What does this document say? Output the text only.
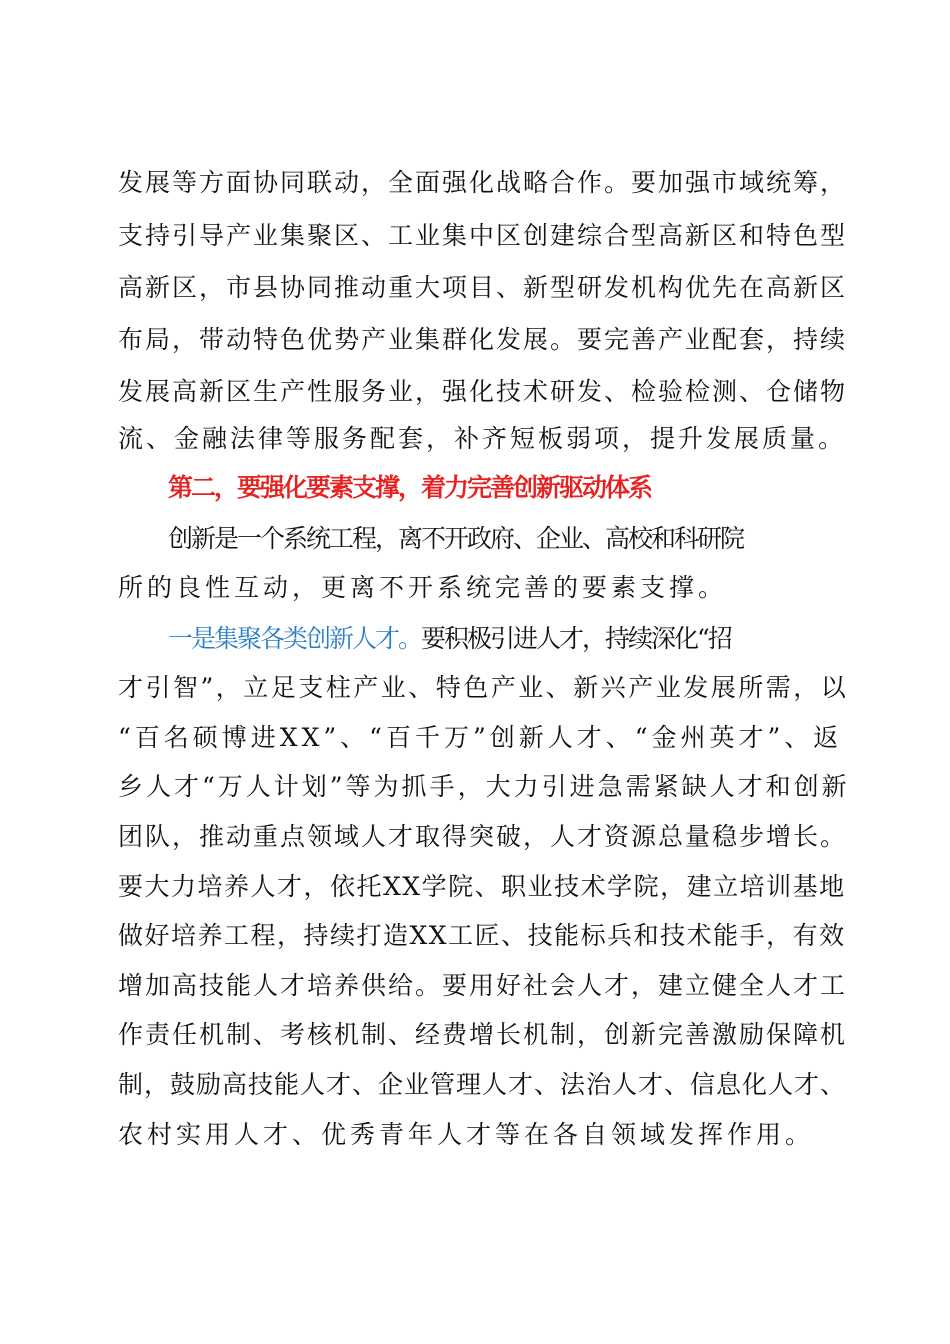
发展等方面协同联动，全面强化战略合作。要加强市域统筹，
支持引导产业集聚区、工业集中区创建综合型高新区和特色型
高新区，市县协同推动重大项目、新型研发机构优先在高新区
布局，带动特色优势产业集群化发展。要完善产业配套，持续
发展高新区生产性服务业，强化技术研发、检验检测、仓储物
流、金融法律等服务配套，补齐短板弱项，提升发展质量。
第二，要强化要素支撑，着力完善创新驱动体系
创新是一个系统工程，离不开政府、企业、高校和科研院
所的良性互动，更离不开系统完善的要素支撑。
一是集聚各类创新人才。要积极引进人才，持续深化“招
才引智”，立足支柱产业、特色产业、新兴产业发展所需，以
“百名硕博进XX”、“百千万”创新人才、“金州英才”、返
乡人才“万人计划”等为抓手，大力引进急需紧缺人才和创新
团队，推动重点领域人才取得突破，人才资源总量稳步增长。
要大力培养人才，依托XX学院、职业技术学院，建立培训基地
做好培养工程，持续打造XX工匠、技能标兵和技术能手，有效
增加高技能人才培养供给。要用好社会人才，建立健全人才工
作责任机制、考核机制、经费增长机制，创新完善激励保障机
制，鼓励高技能人才、企业管理人才、法治人才、信息化人才、
农村实用人才、优秀青年人才等在各自领域发挥作用。
